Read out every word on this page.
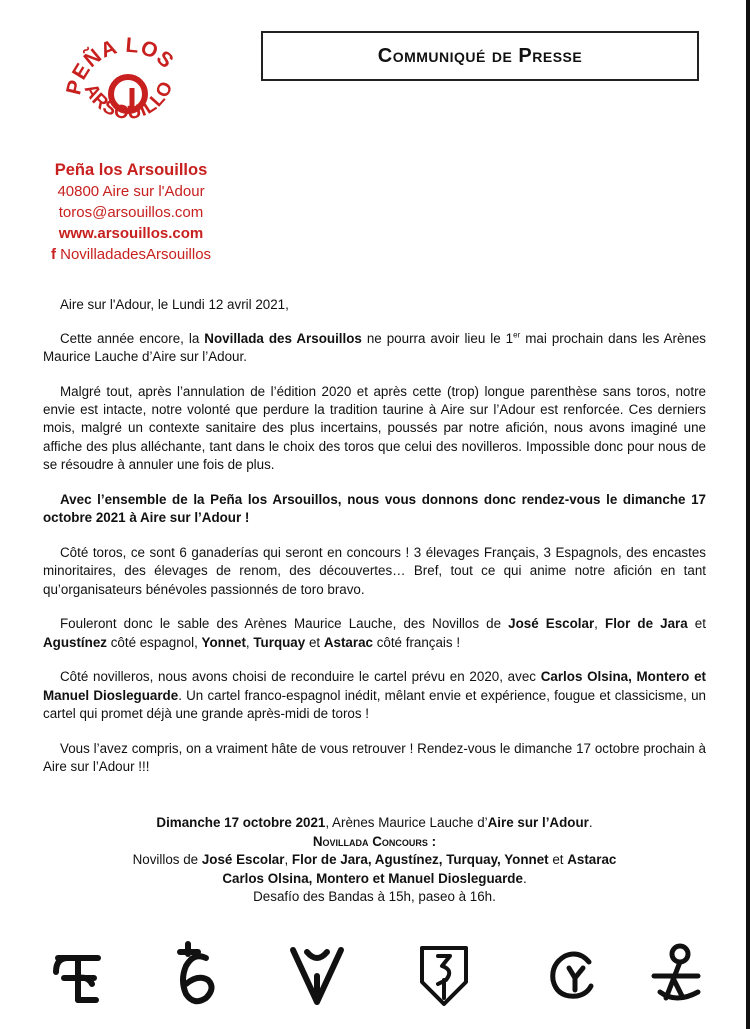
PEÑA LOS
ARSOUILLO
Peña los Arsouillos
40800 Aire sur l'Adour
toros@arsouillos.com
www.arsouillos.com
f NovilladadesArsouillos
Communiqué de Presse

Aire sur l'Adour, le Lundi 12 avril 2021,

Cette année encore, la Novillada des Arsouillos ne pourra avoir lieu le 1er mai prochain dans les Arènes Maurice Lauche d’Aire sur l’Adour.

Malgré tout, après l’annulation de l’édition 2020 et après cette (trop) longue parenthèse sans toros, notre envie est intacte, notre volonté que perdure la tradition taurine à Aire sur l’Adour est renforcée. Ces derniers mois, malgré un contexte sanitaire des plus incertains, poussés par notre afición, nous avons imaginé une affiche des plus alléchante, tant dans le choix des toros que celui des novilleros. Impossible donc pour nous de se résoudre à annuler une fois de plus.

Avec l’ensemble de la Peña los Arsouillos, nous vous donnons donc rendez-vous le dimanche 17 octobre 2021 à Aire sur l’Adour !

Côté toros, ce sont 6 ganaderías qui seront en concours ! 3 élevages Français, 3 Espagnols, des encastes minoritaires, des élevages de renom, des découvertes… Bref, tout ce qui anime notre afición en tant qu’organisateurs bénévoles passionnés de toro bravo.

Fouleront donc le sable des Arènes Maurice Lauche, des Novillos de José Escolar, Flor de Jara et Agustínez côté espagnol, Yonnet, Turquay et Astarac côté français !

Côté novilleros, nous avons choisi de reconduire le cartel prévu en 2020, avec Carlos Olsina, Montero et Manuel Diosleguarde. Un cartel franco-espagnol inédit, mêlant envie et expérience, fougue et classicisme, un cartel qui promet déjà une grande après-midi de toros !

Vous l’avez compris, on a vraiment hâte de vous retrouver ! Rendez-vous le dimanche 17 octobre prochain à Aire sur l’Adour !!!

Dimanche 17 octobre 2021, Arènes Maurice Lauche d’Aire sur l’Adour.
Novillada Concours :
Novillos de José Escolar, Flor de Jara, Agustínez, Turquay, Yonnet et Astarac
Carlos Olsina, Montero et Manuel Diosleguarde.
Desafío des Bandas à 15h, paseo à 16h.
